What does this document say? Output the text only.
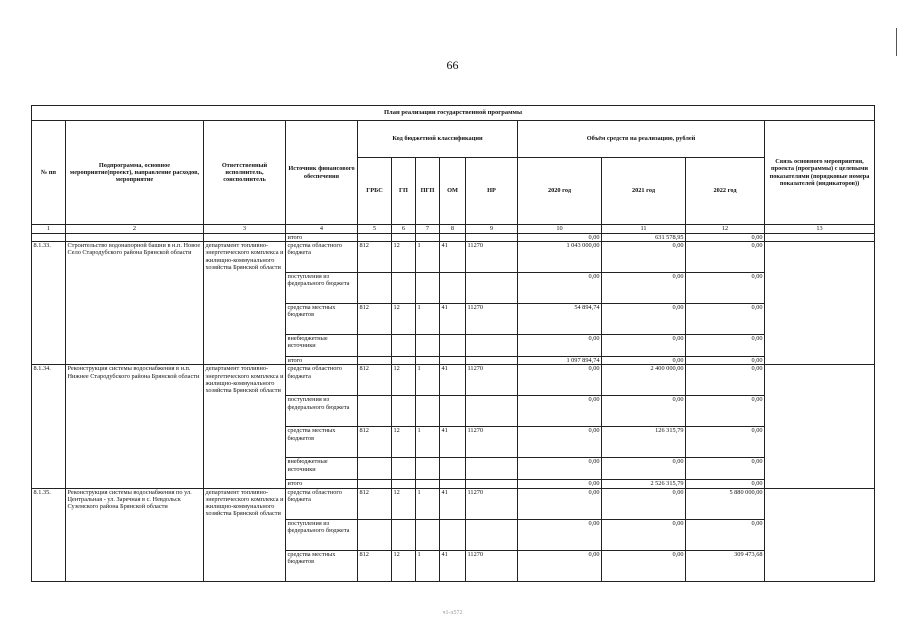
66
План реализации государственной программы												
№ пп	Подпрограмма, основное мероприятие(проект), направление расходов, мероприятие	Ответственный исполнитель, соисполнитель	Источник финансового обеспечения	Код бюджетной классификации					Объём средств на реализацию, рублей			Связь основного мероприятия, проекта (программы) с целевыми показателями (порядковые номера показателей (индикаторов))
				ГРБС	ГП	ПГП	ОМ	НР	2020 год	2021 год	2022 год	
1	2	3	4	5	6	7	8	9	10	11	12	13
			итого						0,00	631 578,95	0,00	
8.1.33.	Строительство водонапорной башни в н.п. Новое Село Стародубского района Брянской области	департамент топливно-энергетического комплекса и жилищно-коммунального хозяйства Брянской области	средства областного бюджета	812	12	1	41	11270	1 043 000,00	0,00	0,00	
			поступления из федерального бюджета						0,00	0,00	0,00	
			средства местных бюджетов	812	12	1	41	11270	54 894,74	0,00	0,00	
			внебюджетные источники						0,00	0,00	0,00	
			итого						1 097 894,74	0,00	0,00	
8.1.34.	Реконструкция системы водоснабжения в н.п. Нижнее Стародубского района Брянской области	департамент топливно-энергетического комплекса и жилищно-коммунального хозяйства Брянской области	средства областного бюджета	812	12	1	41	11270	0,00	2 400 000,00	0,00	
			поступления из федерального бюджета						0,00	0,00	0,00	
			средства местных бюджетов	812	12	1	41	11270	0,00	126 315,79	0,00	
			внебюджетные источники						0,00	0,00	0,00	
			итого						0,00	2 526 315,79	0,00	
8.1.35.	Реконструкция системы водоснабжения по ул. Центральная - ул. Заречная в с. Невдольск Суземского района Брянской области	департамент топливно-энергетического комплекса и жилищно-коммунального хозяйства Брянской области	средства областного бюджета	812	12	1	41	11270	0,00	0,00	5 880 000,00	
			поступления из федерального бюджета						0,00	0,00	0,00	
			средства местных бюджетов	812	12	1	41	11270	0,00	0,00	309 473,68	
ч1-л572
